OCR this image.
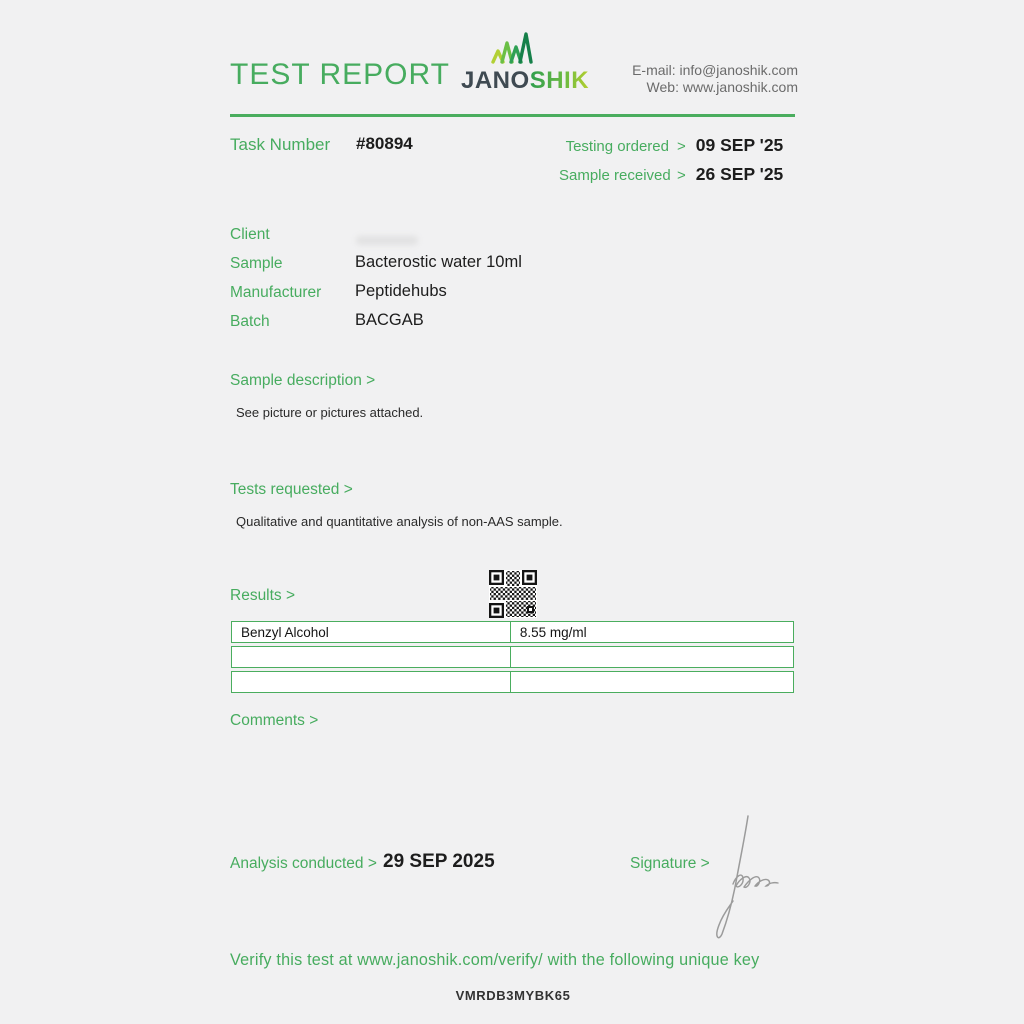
TEST REPORT JANOSHIK	E-mail: info@janoshik.com
Web: www.janoshik.com
Task Number #80894	Testing ordered > 09 SEP '25
Sample received > 26 SEP '25
Client
Sample	Bacterostic water 10ml
Manufacturer Peptidehubs
Batch	BACGAB
Sample description >
See picture or pictures attached.
Tests requested >
Qualitative and quantitative analysis of non-AAS sample.
Results >
Benzyl Alcohol	8.55 mg/ml
Comments >
Analysis conducted > 29 SEP 2025	Signature >
Verify this test at www.janoshik.com/verify/ with the following unique key
VMRDB3MYBK65
